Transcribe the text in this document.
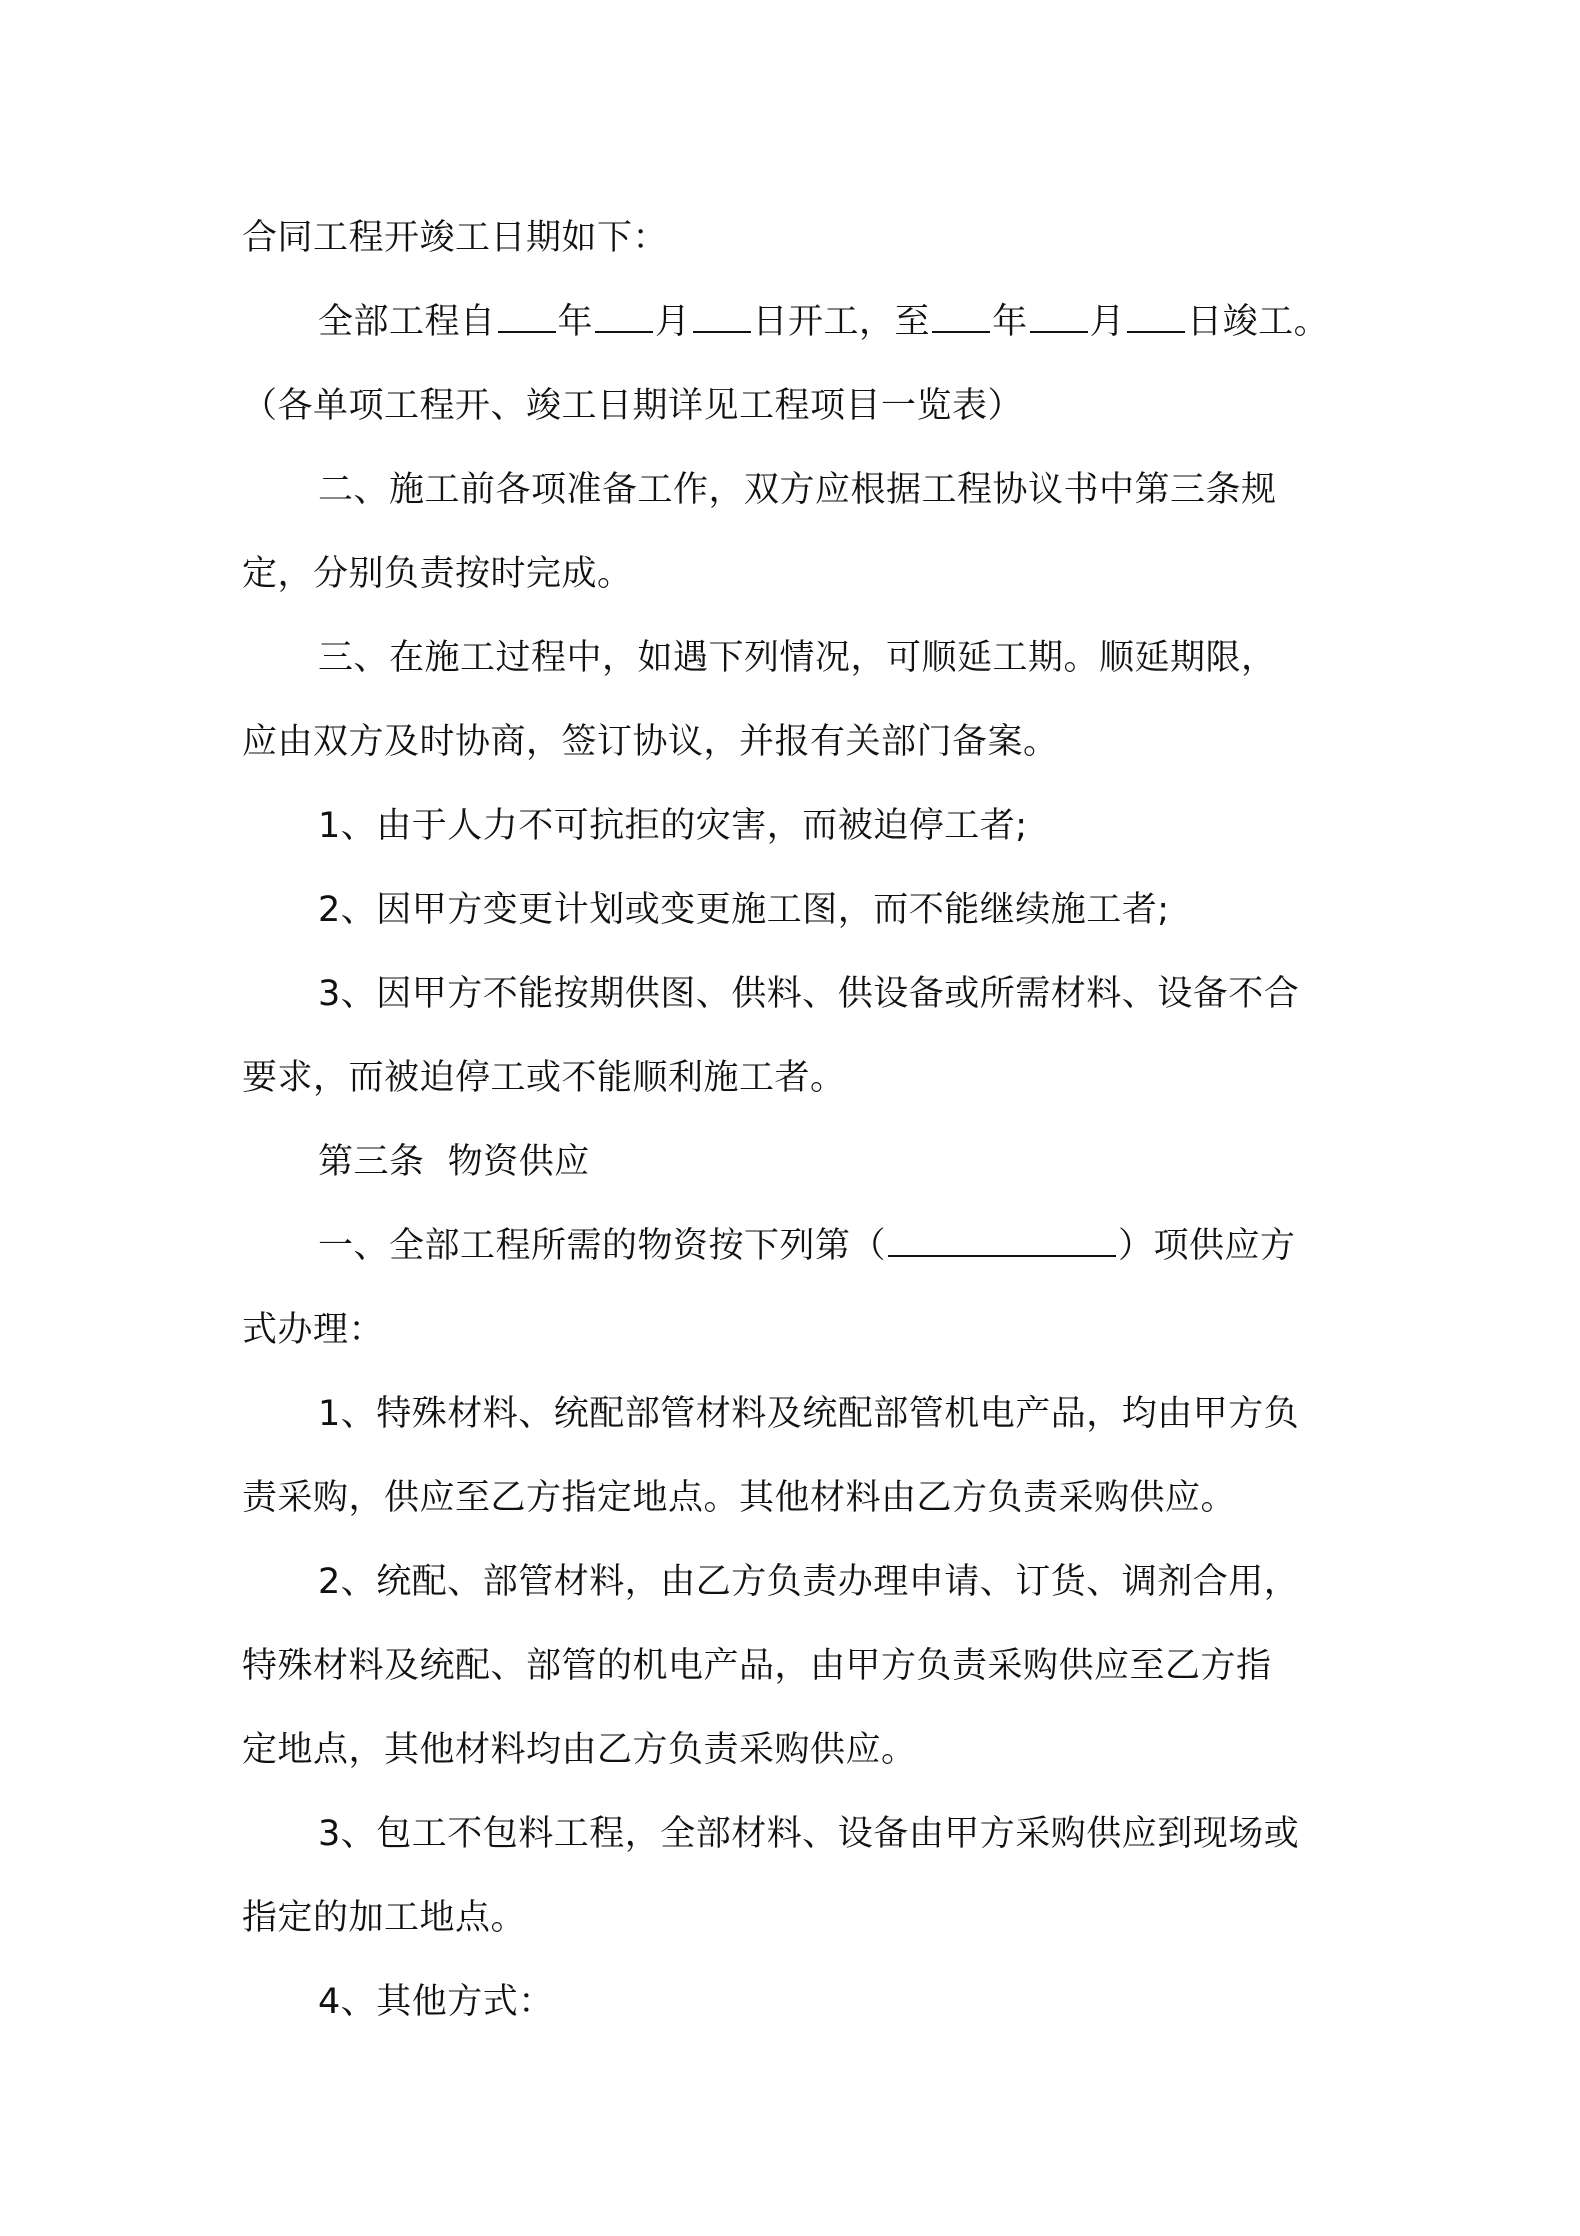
合同工程开竣工日期如下：

全部工程自 年 月 日开工，至 年 月 日竣工。

（各单项工程开、竣工日期详见工程项目一览表）

二、施工前各项准备工作，双方应根据工程协议书中第三条规

定，分别负责按时完成。

三、在施工过程中，如遇下列情况，可顺延工期。顺延期限，

应由双方及时协商，签订协议，并报有关部门备案。

1、由于人力不可抗拒的灾害，而被迫停工者;

2、因甲方变更计划或变更施工图，而不能继续施工者;

3、因甲方不能按期供图、供料、供设备或所需材料、设备不合

要求，而被迫停工或不能顺利施工者。

第三条  物资供应

一、全部工程所需的物资按下列第（	）项供应方

式办理：

1、特殊材料、统配部管材料及统配部管机电产品，均由甲方负

责采购，供应至乙方指定地点。其他材料由乙方负责采购供应。

2、统配、部管材料，由乙方负责办理申请、订货、调剂合用，

特殊材料及统配、部管的机电产品，由甲方负责采购供应至乙方指

定地点，其他材料均由乙方负责采购供应。

3、包工不包料工程，全部材料、设备由甲方采购供应到现场或

指定的加工地点。

4、其他方式：
